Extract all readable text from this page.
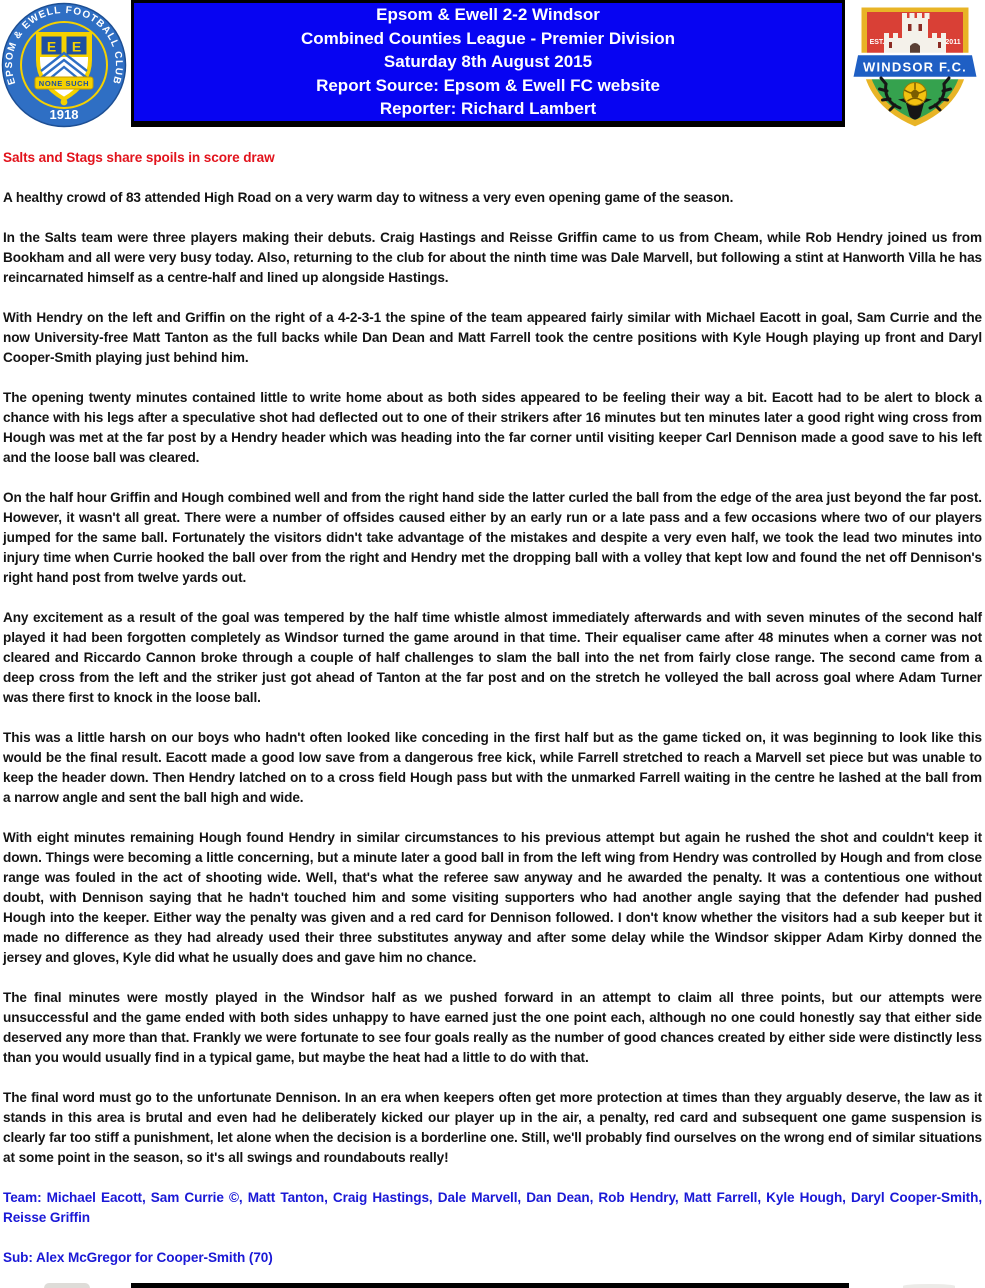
EPSOM & EWELL FOOTBALL CLUB
1918
E E
NONE SUCH
Epsom & Ewell 2-2 Windsor
Combined Counties League - Premier Division
Saturday 8th August 2015
Report Source: Epsom & Ewell FC website
Reporter: Richard Lambert
EST.	2011
WINDSOR F.C.

Salts and Stags share spoils in score draw

A healthy crowd of 83 attended High Road on a very warm day to witness a very even opening game of the season.

In the Salts team were three players making their debuts. Craig Hastings and Reisse Griffin came to us from Cheam, while Rob Hendry joined us from Bookham and all were very busy today. Also, returning to the club for about the ninth time was Dale Marvell, but following a stint at Hanworth Villa he has reincarnated himself as a centre-half and lined up alongside Hastings.

With Hendry on the left and Griffin on the right of a 4-2-3-1 the spine of the team appeared fairly similar with Michael Eacott in goal, Sam Currie and the now University-free Matt Tanton as the full backs while Dan Dean and Matt Farrell took the centre positions with Kyle Hough playing up front and Daryl Cooper-Smith playing just behind him.

The opening twenty minutes contained little to write home about as both sides appeared to be feeling their way a bit. Eacott had to be alert to block a chance with his legs after a speculative shot had deflected out to one of their strikers after 16 minutes but ten minutes later a good right wing cross from Hough was met at the far post by a Hendry header which was heading into the far corner until visiting keeper Carl Dennison made a good save to his left and the loose ball was cleared.

On the half hour Griffin and Hough combined well and from the right hand side the latter curled the ball from the edge of the area just beyond the far post. However, it wasn't all great. There were a number of offsides caused either by an early run or a late pass and a few occasions where two of our players jumped for the same ball. Fortunately the visitors didn't take advantage of the mistakes and despite a very even half, we took the lead two minutes into injury time when Currie hooked the ball over from the right and Hendry met the dropping ball with a volley that kept low and found the net off Dennison's right hand post from twelve yards out.

Any excitement as a result of the goal was tempered by the half time whistle almost immediately afterwards and with seven minutes of the second half played it had been forgotten completely as Windsor turned the game around in that time. Their equaliser came after 48 minutes when a corner was not cleared and Riccardo Cannon broke through a couple of half challenges to slam the ball into the net from fairly close range. The second came from a deep cross from the left and the striker just got ahead of Tanton at the far post and on the stretch he volleyed the ball across goal where Adam Turner was there first to knock in the loose ball.

This was a little harsh on our boys who hadn't often looked like conceding in the first half but as the game ticked on, it was beginning to look like this would be the final result. Eacott made a good low save from a dangerous free kick, while Farrell stretched to reach a Marvell set piece but was unable to keep the header down. Then Hendry latched on to a cross field Hough pass but with the unmarked Farrell waiting in the centre he lashed at the ball from a narrow angle and sent the ball high and wide.

With eight minutes remaining Hough found Hendry in similar circumstances to his previous attempt but again he rushed the shot and couldn't keep it down. Things were becoming a little concerning, but a minute later a good ball in from the left wing from Hendry was controlled by Hough and from close range was fouled in the act of shooting wide. Well, that's what the referee saw anyway and he awarded the penalty. It was a contentious one without doubt, with Dennison saying that he hadn't touched him and some visiting supporters who had another angle saying that the defender had pushed Hough into the keeper. Either way the penalty was given and a red card for Dennison followed. I don't know whether the visitors had a sub keeper but it made no difference as they had already used their three substitutes anyway and after some delay while the Windsor skipper Adam Kirby donned the jersey and gloves, Kyle did what he usually does and gave him no chance.

The final minutes were mostly played in the Windsor half as we pushed forward in an attempt to claim all three points, but our attempts were unsuccessful and the game ended with both sides unhappy to have earned just the one point each, although no one could honestly say that either side deserved any more than that. Frankly we were fortunate to see four goals really as the number of good chances created by either side were distinctly less than you would usually find in a typical game, but maybe the heat had a little to do with that.

The final word must go to the unfortunate Dennison. In an era when keepers often get more protection at times than they arguably deserve, the law as it stands in this area is brutal and even had he deliberately kicked our player up in the air, a penalty, red card and subsequent one game suspension is clearly far too stiff a punishment, let alone when the decision is a borderline one. Still, we'll probably find ourselves on the wrong end of similar situations at some point in the season, so it's all swings and roundabouts really!

Team: Michael Eacott, Sam Currie ©, Matt Tanton, Craig Hastings, Dale Marvell, Dan Dean, Rob Hendry, Matt Farrell, Kyle Hough, Daryl Cooper-Smith, Reisse Griffin

Sub: Alex McGregor for Cooper-Smith (70)
